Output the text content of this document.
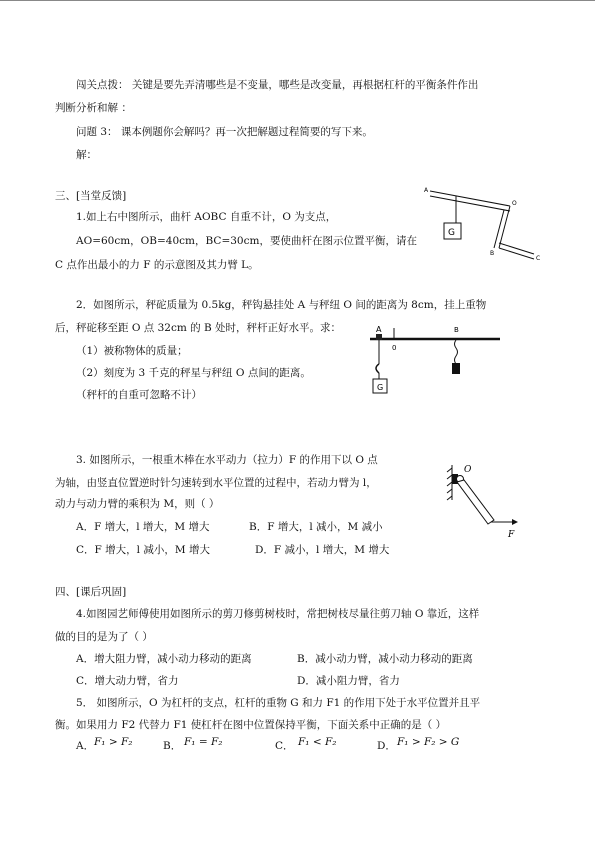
闯关点拨： 关键是要先弄清哪些是不变量，哪些是改变量，再根据杠杆的平衡条件作出
判断分析和解 ：
问题 3： 课本例题你会解吗？再一次把解题过程简要的写下来。
解：
三、[当堂反馈]
1.如上右中图所示，曲杆 AOBC 自重不计，O 为支点，
AO=60cm，OB=40cm，BC=30cm，要使曲杆在图示位置平衡，请在
C 点作出最小的力 F 的示意图及其力臂 L。
G
A
O
B
C
2．如图所示，秤砣质量为 0.5kg，秤钩悬挂处 A 与秤纽 O 间的距离为 8cm，挂上重物
后，秤砣移至距 O 点 32cm 的 B 处时，秤杆正好水平。求：
（1）被称物体的质量；
（2）刻度为 3 千克的秤星与秤纽 O 点间的距离。
（秤杆的自重可忽略不计）
A
0
B
G
3. 如图所示，一根重木棒在水平动力（拉力）F 的作用下以 O 点
为轴，由竖直位置逆时针匀速转到水平位置的过程中，若动力臂为 l，
动力与动力臂的乘积为 M，则（ ）
A．F 增大，l 增大，M 增大	B．F 增大，l 减小，M 减小
C．F 增大，l 减小，M 增大	D．F 减小，l 增大，M 增大
O
F
四、[课后巩固]
4.如图园艺师傅使用如图所示的剪刀修剪树枝时，常把树枝尽量往剪刀轴 O 靠近，这样
做的目的是为了（ ）
A．增大阻力臂，减小动力移动的距离	B．减小动力臂，减小动力移动的距离
C．增大动力臂，省力	D．减小阻力臂，省力
5． 如图所示，O 为杠杆的支点，杠杆的重物 G 和力 F1 的作用下处于水平位置并且平
衡。如果用力 F2 代替力 F1 使杠杆在图中位置保持平衡，下面关系中正确的是（ ）
A． F₁ > F₂	B． F₁ = F₂	C． F₁ < F₂	D． F₁ > F₂ > G
